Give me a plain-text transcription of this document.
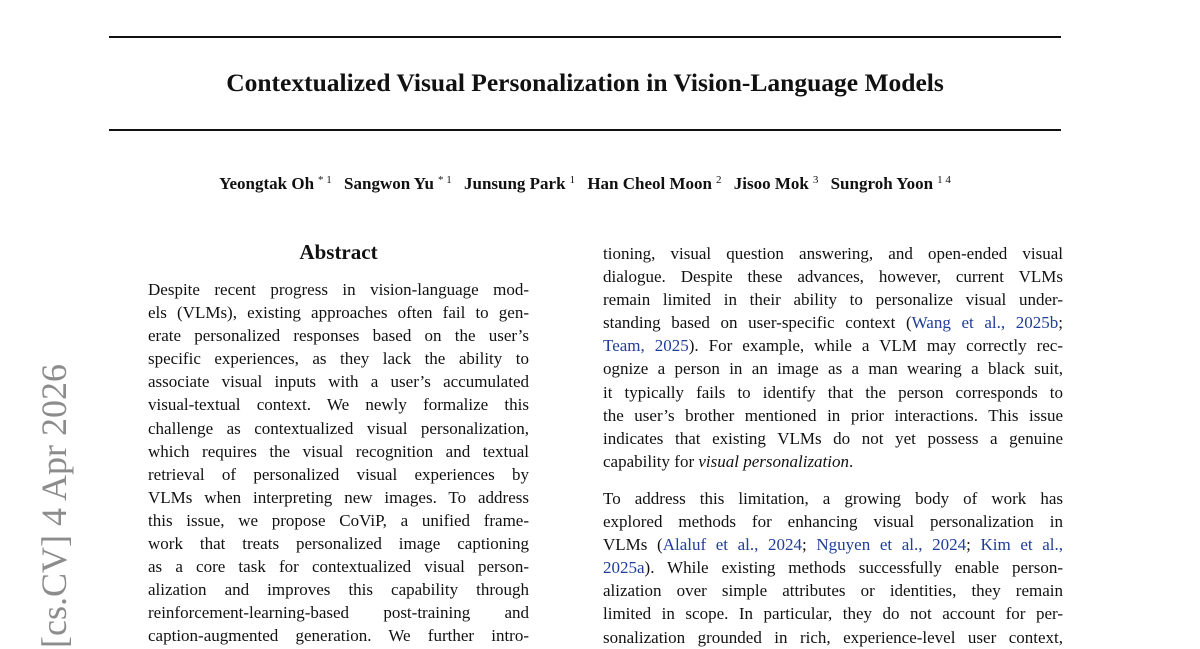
Contextualized Visual Personalization in Vision-Language Models
Yeongtak Oh $^{* 1}$ Sangwon Yu $^{* 1}$ Junsung Park $^1$ Han Cheol Moon $^2$ Jisoo Mok $^3$ Sungroh Yoon $^{1 4}$
[cs.CV] 4 Apr 2026
Abstract
Despite recent progress in vision-language mod-
els (VLMs), existing approaches often fail to gen-
erate personalized responses based on the user’s
specific experiences, as they lack the ability to
associate visual inputs with a user’s accumulated
visual-textual context. We newly formalize this
challenge as contextualized visual personalization,
which requires the visual recognition and textual
retrieval of personalized visual experiences by
VLMs when interpreting new images. To address
this issue, we propose CoViP, a unified frame-
work that treats personalized image captioning
as a core task for contextualized visual person-
alization and improves this capability through
reinforcement-learning-based post-training and
caption-augmented generation. We further intro-
tioning, visual question answering, and open-ended visual
dialogue. Despite these advances, however, current VLMs
remain limited in their ability to personalize visual under-
standing based on user-specific context (Wang et al., 2025b;
Team, 2025). For example, while a VLM may correctly rec-
ognize a person in an image as a man wearing a black suit,
it typically fails to identify that the person corresponds to
the user’s brother mentioned in prior interactions. This issue
indicates that existing VLMs do not yet possess a genuine
capability for visual personalization.
To address this limitation, a growing body of work has
explored methods for enhancing visual personalization in
VLMs (Alaluf et al., 2024; Nguyen et al., 2024; Kim et al.,
2025a). While existing methods successfully enable person-
alization over simple attributes or identities, they remain
limited in scope. In particular, they do not account for per-
sonalization grounded in rich, experience-level user context,
